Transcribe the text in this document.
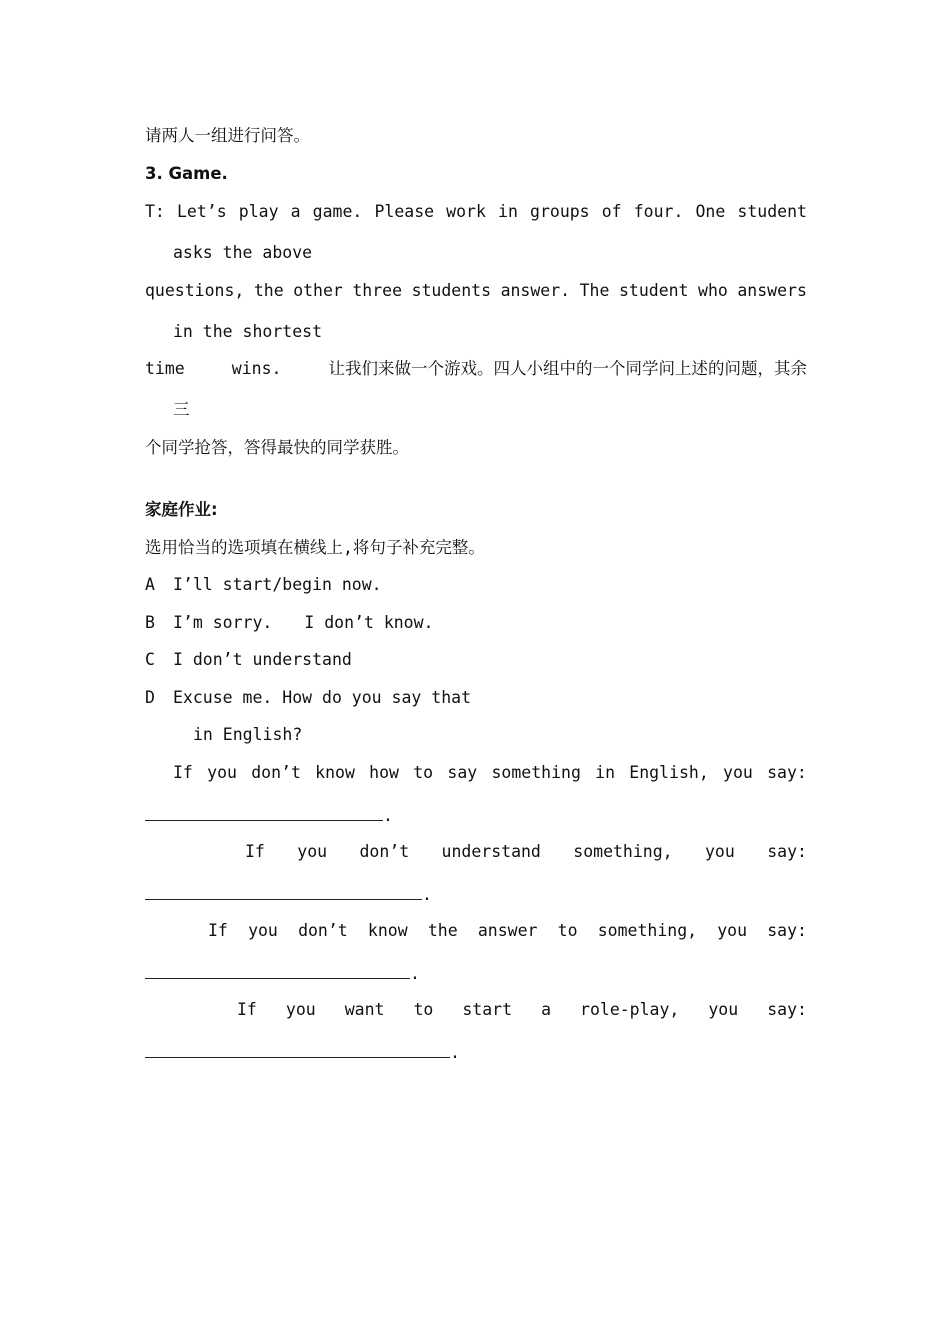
请两人一组进行问答。
3. Game.
T: Let’s play a game. Please work in groups of four. One student
asks the above
questions, the other three students answer. The student who answers
in the shortest
time	wins.	让我们来做一个游戏。四人小组中的一个同学问上述的问题，其余
三
个同学抢答，答得最快的同学获胜。
家庭作业:
选用恰当的选项填在横线上,将句子补充完整。
A	I’ll start/begin now.
B	I’m sorry. I don’t know.
C	I don’t understand
D	Excuse me. How do you say that
in English?
If you don’t know how to say something in English, you say:
.
If you don’t understand something, you say:
.
If you don’t know the answer to something, you say:
.
If you want to start a role-play, you say:
.
